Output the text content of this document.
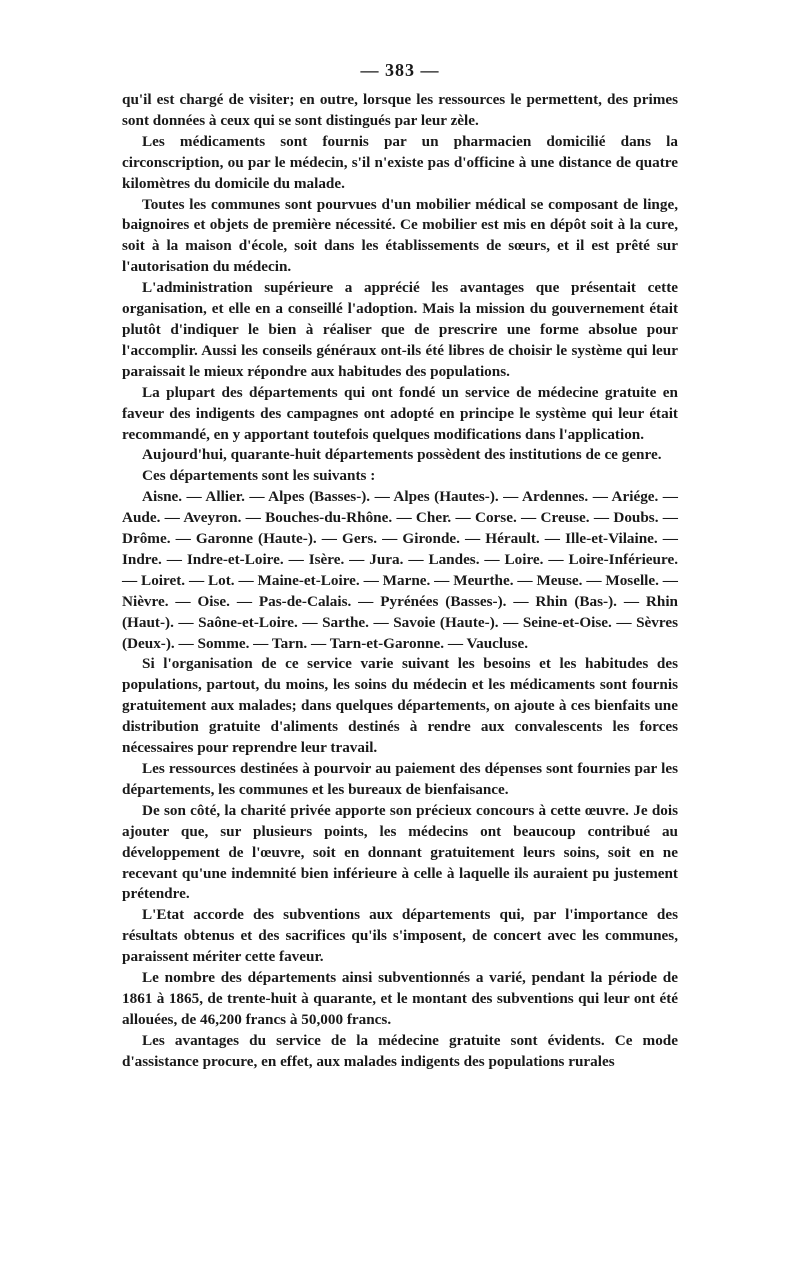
— 383 —

qu'il est chargé de visiter; en outre, lorsque les ressources le permettent, des primes sont données à ceux qui se sont distingués par leur zèle.

Les médicaments sont fournis par un pharmacien domicilié dans la circonscription, ou par le médecin, s'il n'existe pas d'officine à une distance de quatre kilomètres du domicile du malade.

Toutes les communes sont pourvues d'un mobilier médical se composant de linge, baignoires et objets de première nécessité. Ce mobilier est mis en dépôt soit à la cure, soit à la maison d'école, soit dans les établissements de sœurs, et il est prêté sur l'autorisation du médecin.

L'administration supérieure a apprécié les avantages que présentait cette organisation, et elle en a conseillé l'adoption. Mais la mission du gouvernement était plutôt d'indiquer le bien à réaliser que de prescrire une forme absolue pour l'accomplir. Aussi les conseils généraux ont-ils été libres de choisir le système qui leur paraissait le mieux répondre aux habitudes des populations.

La plupart des départements qui ont fondé un service de médecine gratuite en faveur des indigents des campagnes ont adopté en principe le système qui leur était recommandé, en y apportant toutefois quelques modifications dans l'application.

Aujourd'hui, quarante-huit départements possèdent des institutions de ce genre.

Ces départements sont les suivants :

Aisne. — Allier. — Alpes (Basses-). — Alpes (Hautes-). — Ardennes. — Ariége. — Aude. — Aveyron. — Bouches-du-Rhône. — Cher. — Corse. — Creuse. — Doubs. — Drôme. — Garonne (Haute-). — Gers. — Gironde. — Hérault. — Ille-et-Vilaine. — Indre. — Indre-et-Loire. — Isère. — Jura. — Landes. — Loire. — Loire-Inférieure. — Loiret. — Lot. — Maine-et-Loire. — Marne. — Meurthe. — Meuse. — Moselle. — Nièvre. — Oise. — Pas-de-Calais. — Pyrénées (Basses-). — Rhin (Bas-). — Rhin (Haut-). — Saône-et-Loire. — Sarthe. — Savoie (Haute-). — Seine-et-Oise. — Sèvres (Deux-). — Somme. — Tarn. — Tarn-et-Garonne. — Vaucluse.

Si l'organisation de ce service varie suivant les besoins et les habitudes des populations, partout, du moins, les soins du médecin et les médicaments sont fournis gratuitement aux malades; dans quelques départements, on ajoute à ces bienfaits une distribution gratuite d'aliments destinés à rendre aux convalescents les forces nécessaires pour reprendre leur travail.

Les ressources destinées à pourvoir au paiement des dépenses sont fournies par les départements, les communes et les bureaux de bienfaisance.

De son côté, la charité privée apporte son précieux concours à cette œuvre. Je dois ajouter que, sur plusieurs points, les médecins ont beaucoup contribué au développement de l'œuvre, soit en donnant gratuitement leurs soins, soit en ne recevant qu'une indemnité bien inférieure à celle à laquelle ils auraient pu justement prétendre.

L'Etat accorde des subventions aux départements qui, par l'importance des résultats obtenus et des sacrifices qu'ils s'imposent, de concert avec les communes, paraissent mériter cette faveur.

Le nombre des départements ainsi subventionnés a varié, pendant la période de 1861 à 1865, de trente-huit à quarante, et le montant des subventions qui leur ont été allouées, de 46,200 francs à 50,000 francs.

Les avantages du service de la médecine gratuite sont évidents. Ce mode d'assistance procure, en effet, aux malades indigents des populations rurales
